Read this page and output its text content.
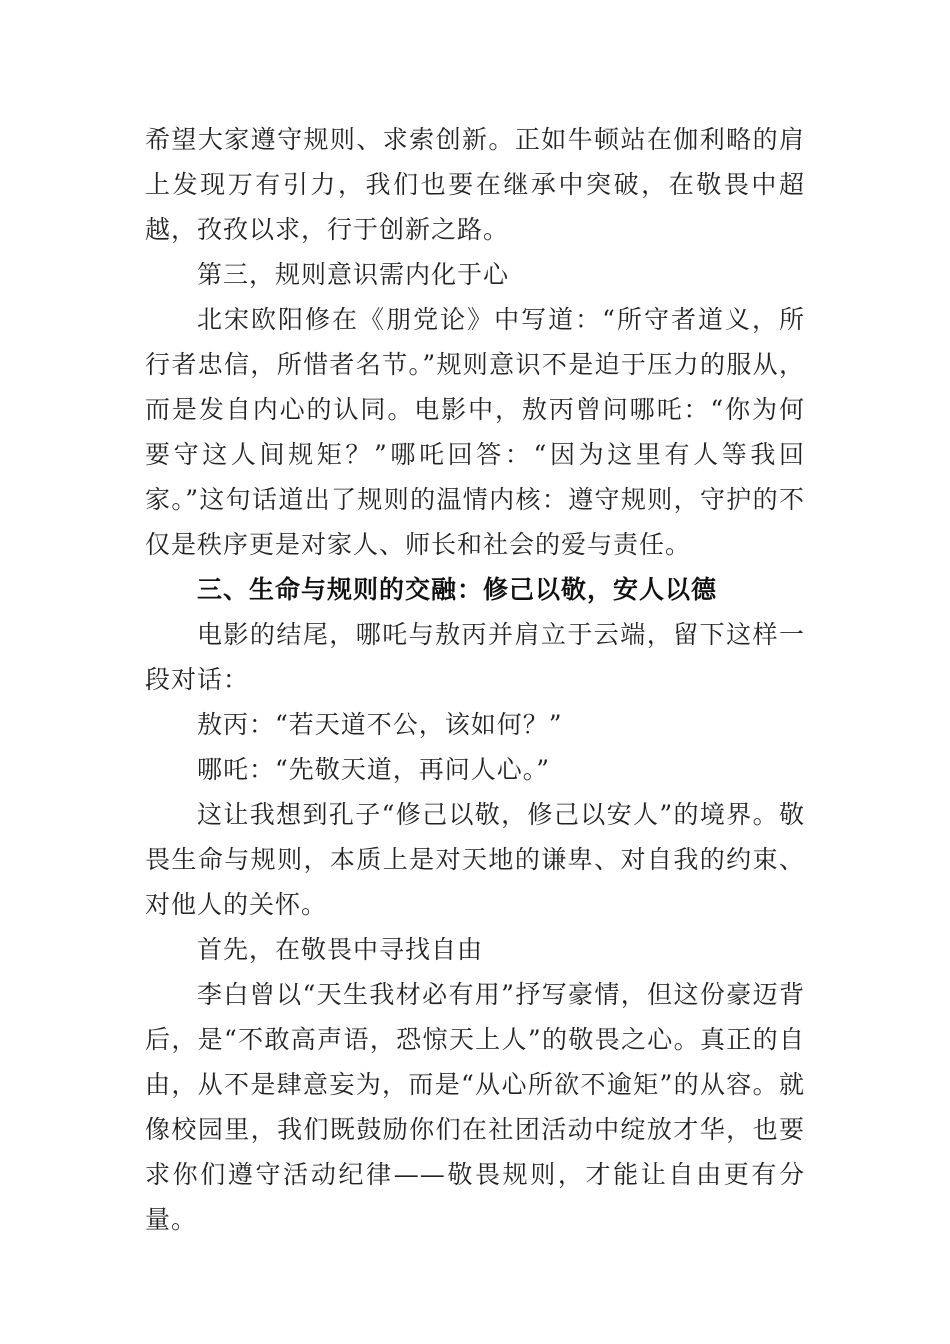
希望大家遵守规则、求索创新。正如牛顿站在伽利略的肩上发现万有引力，我们也要在继承中突破，在敬畏中超越，孜孜以求，行于创新之路。

第三，规则意识需内化于心

北宋欧阳修在《朋党论》中写道：“所守者道义，所行者忠信，所惜者名节。”规则意识不是迫于压力的服从，而是发自内心的认同。电影中，敖丙曾问哪吒：“你为何要守这人间规矩？”哪吒回答：“因为这里有人等我回家。”这句话道出了规则的温情内核：遵守规则，守护的不仅是秩序更是对家人、师长和社会的爱与责任。

三、生命与规则的交融：修己以敬，安人以德

电影的结尾，哪吒与敖丙并肩立于云端，留下这样一段对话：

敖丙：“若天道不公，该如何？”

哪吒：“先敬天道，再问人心。”

这让我想到孔子“修己以敬，修己以安人”的境界。敬畏生命与规则，本质上是对天地的谦卑、对自我的约束、对他人的关怀。

首先，在敬畏中寻找自由

李白曾以“天生我材必有用”抒写豪情，但这份豪迈背后，是“不敢高声语，恐惊天上人”的敬畏之心。真正的自由，从不是肆意妄为，而是“从心所欲不逾矩”的从容。就像校园里，我们既鼓励你们在社团活动中绽放才华，也要求你们遵守活动纪律——敬畏规则，才能让自由更有分量。
